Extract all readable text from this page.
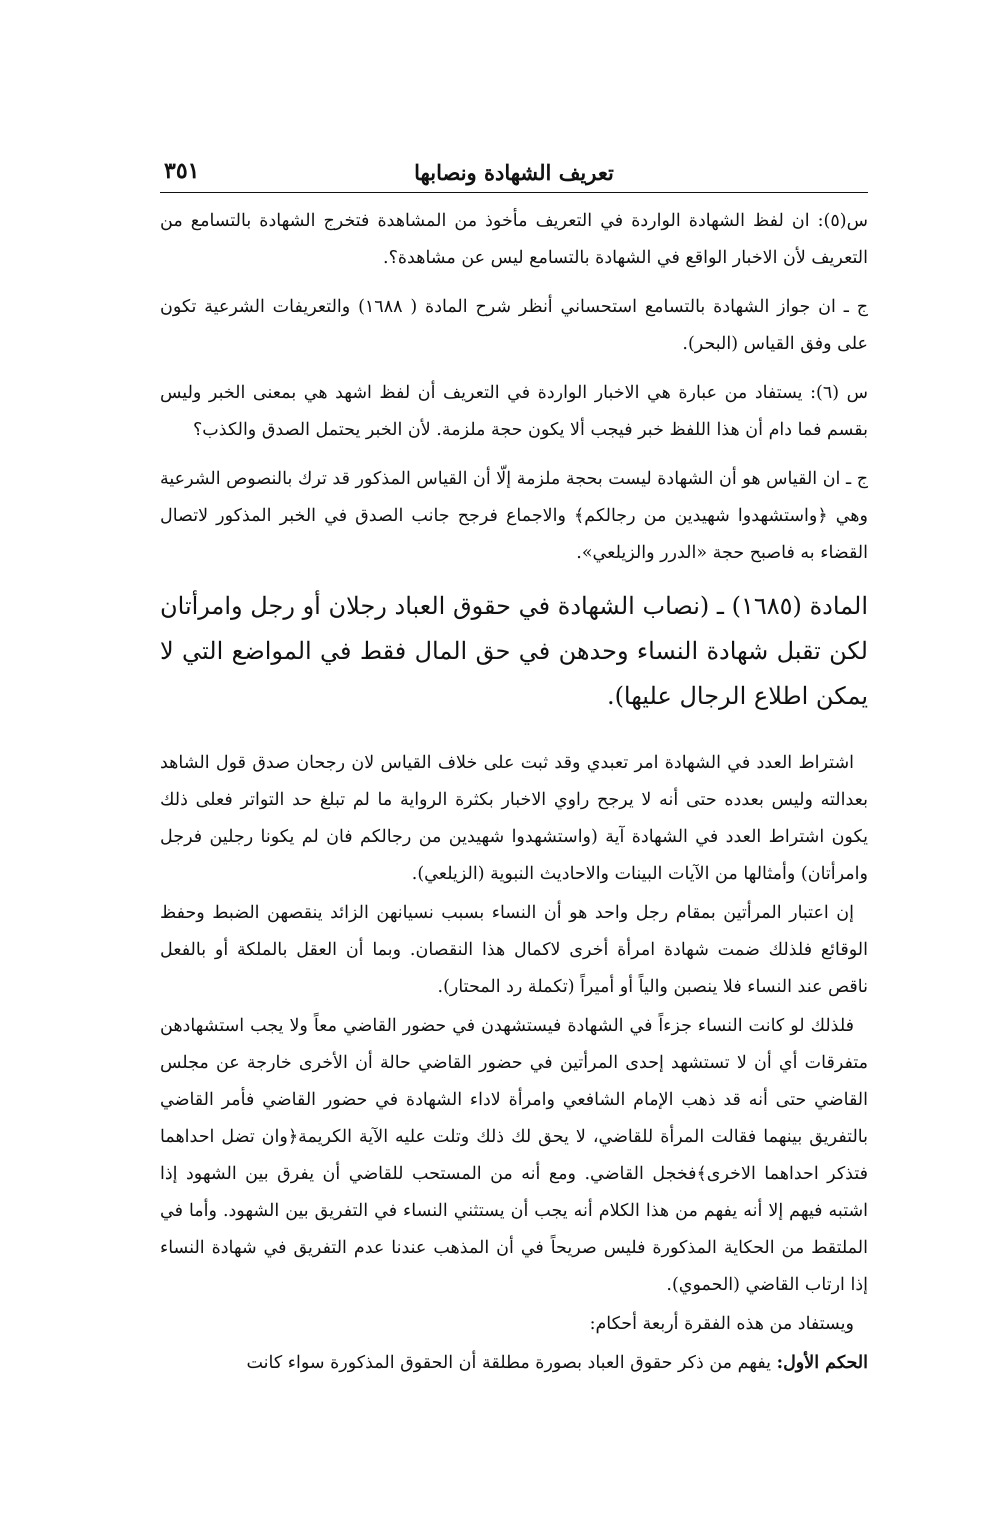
تعريف الشهادة ونصابها
٣٥١

س(٥): ان لفظ الشهادة الواردة في التعريف مأخوذ من المشاهدة فتخرج الشهادة بالتسامع من التعريف لأن الاخبار الواقع في الشهادة بالتسامع ليس عن مشاهدة؟.

ج ـ ان جواز الشهادة بالتسامع استحساني أنظر شرح المادة ( ١٦٨٨) والتعريفات الشرعية تكون على وفق القياس (البحر).

س (٦): يستفاد من عبارة هي الاخبار الواردة في التعريف أن لفظ اشهد هي بمعنى الخبر وليس بقسم فما دام أن هذا اللفظ خبر فيجب ألا يكون حجة ملزمة. لأن الخبر يحتمل الصدق والكذب؟

ج ـ ان القياس هو أن الشهادة ليست بحجة ملزمة إلّا أن القياس المذكور قد ترك بالنصوص الشرعية وهي ﴿واستشهدوا شهيدين من رجالكم﴾ والاجماع فرجح جانب الصدق في الخبر المذكور لاتصال القضاء به فاصبح حجة «الدرر والزيلعي».

المادة (١٦٨٥) ـ (نصاب الشهادة في حقوق العباد رجلان أو رجل وامرأتان لكن تقبل شهادة النساء وحدهن في حق المال فقط في المواضع التي لا يمكن اطلاع الرجال عليها).

اشتراط العدد في الشهادة امر تعبدي وقد ثبت على خلاف القياس لان رجحان صدق قول الشاهد بعدالته وليس بعدده حتى أنه لا يرجح راوي الاخبار بكثرة الرواية ما لم تبلغ حد التواتر فعلى ذلك يكون اشتراط العدد في الشهادة آية (واستشهدوا شهيدين من رجالكم فان لم يكونا رجلين فرجل وامرأتان) وأمثالها من الآيات البينات والاحاديث النبوية (الزيلعي).

إن اعتبار المرأتين بمقام رجل واحد هو أن النساء بسبب نسيانهن الزائد ينقصهن الضبط وحفظ الوقائع فلذلك ضمت شهادة امرأة أخرى لاكمال هذا النقصان. وبما أن العقل بالملكة أو بالفعل ناقص عند النساء فلا ينصبن والياً أو أميراً (تكملة رد المحتار).

فلذلك لو كانت النساء جزءاً في الشهادة فيستشهدن في حضور القاضي معاً ولا يجب استشهادهن متفرقات أي أن لا تستشهد إحدى المرأتين في حضور القاضي حالة أن الأخرى خارجة عن مجلس القاضي حتى أنه قد ذهب الإمام الشافعي وامرأة لاداء الشهادة في حضور القاضي فأمر القاضي بالتفريق بينهما فقالت المرأة للقاضي، لا يحق لك ذلك وتلت عليه الآية الكريمة﴿وان تضل احداهما فتذكر احداهما الاخرى﴾فخجل القاضي. ومع أنه من المستحب للقاضي أن يفرق بين الشهود إذا اشتبه فيهم إلا أنه يفهم من هذا الكلام أنه يجب أن يستثني النساء في التفريق بين الشهود. وأما في الملتقط من الحكاية المذكورة فليس صريحاً في أن المذهب عندنا عدم التفريق في شهادة النساء إذا ارتاب القاضي (الحموي).

ويستفاد من هذه الفقرة أربعة أحكام:

الحكم الأول: يفهم من ذكر حقوق العباد بصورة مطلقة أن الحقوق المذكورة سواء كانت
